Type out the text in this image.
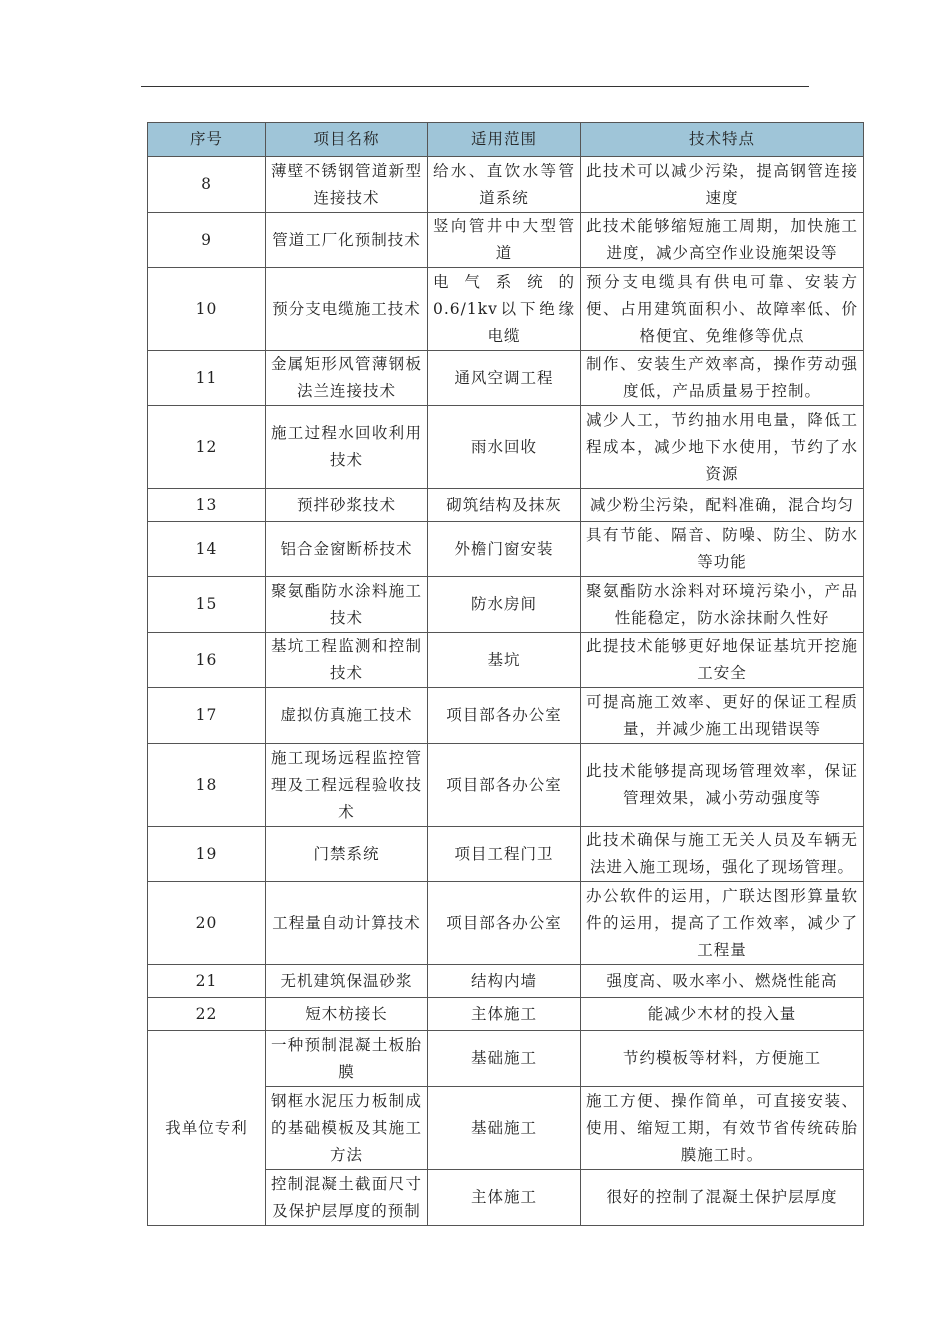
序号	项目名称	适用范围	技术特点
8	薄壁不锈钢管道新型连接技术	给水、直饮水等管道系统	此技术可以减少污染，提高钢管连接速度
9	管道工厂化预制技术	竖向管井中大型管道	此技术能够缩短施工周期，加快施工进度，减少高空作业设施架设等
10	预分支电缆施工技术	电气系统的0.6/1kv以下绝缘电缆	预分支电缆具有供电可靠、安装方便、占用建筑面积小、故障率低、价格便宜、免维修等优点
11	金属矩形风管薄钢板法兰连接技术	通风空调工程	制作、安装生产效率高，操作劳动强度低，产品质量易于控制。
12	施工过程水回收利用技术	雨水回收	减少人工，节约抽水用电量，降低工程成本，减少地下水使用，节约了水资源
13	预拌砂浆技术	砌筑结构及抹灰	减少粉尘污染，配料准确，混合均匀
14	铝合金窗断桥技术	外檐门窗安装	具有节能、隔音、防噪、防尘、防水等功能
15	聚氨酯防水涂料施工技术	防水房间	聚氨酯防水涂料对环境污染小，产品性能稳定，防水涂抹耐久性好
16	基坑工程监测和控制技术	基坑	此提技术能够更好地保证基坑开挖施工安全
17	虚拟仿真施工技术	项目部各办公室	可提高施工效率、更好的保证工程质量，并减少施工出现错误等
18	施工现场远程监控管理及工程远程验收技术	项目部各办公室	此技术能够提高现场管理效率，保证管理效果，减小劳动强度等
19	门禁系统	项目工程门卫	此技术确保与施工无关人员及车辆无法进入施工现场，强化了现场管理。
20	工程量自动计算技术	项目部各办公室	办公软件的运用，广联达图形算量软件的运用，提高了工作效率，减少了工程量
21	无机建筑保温砂浆	结构内墙	强度高、吸水率小、燃烧性能高
22	短木枋接长	主体施工	能减少木材的投入量
我单位专利	一种预制混凝土板胎膜	基础施工	节约模板等材料，方便施工
	钢框水泥压力板制成的基础模板及其施工方法	基础施工	施工方便、操作简单，可直接安装、使用、缩短工期，有效节省传统砖胎膜施工时。
	控制混凝土截面尺寸及保护层厚度的预制	主体施工	很好的控制了混凝土保护层厚度
